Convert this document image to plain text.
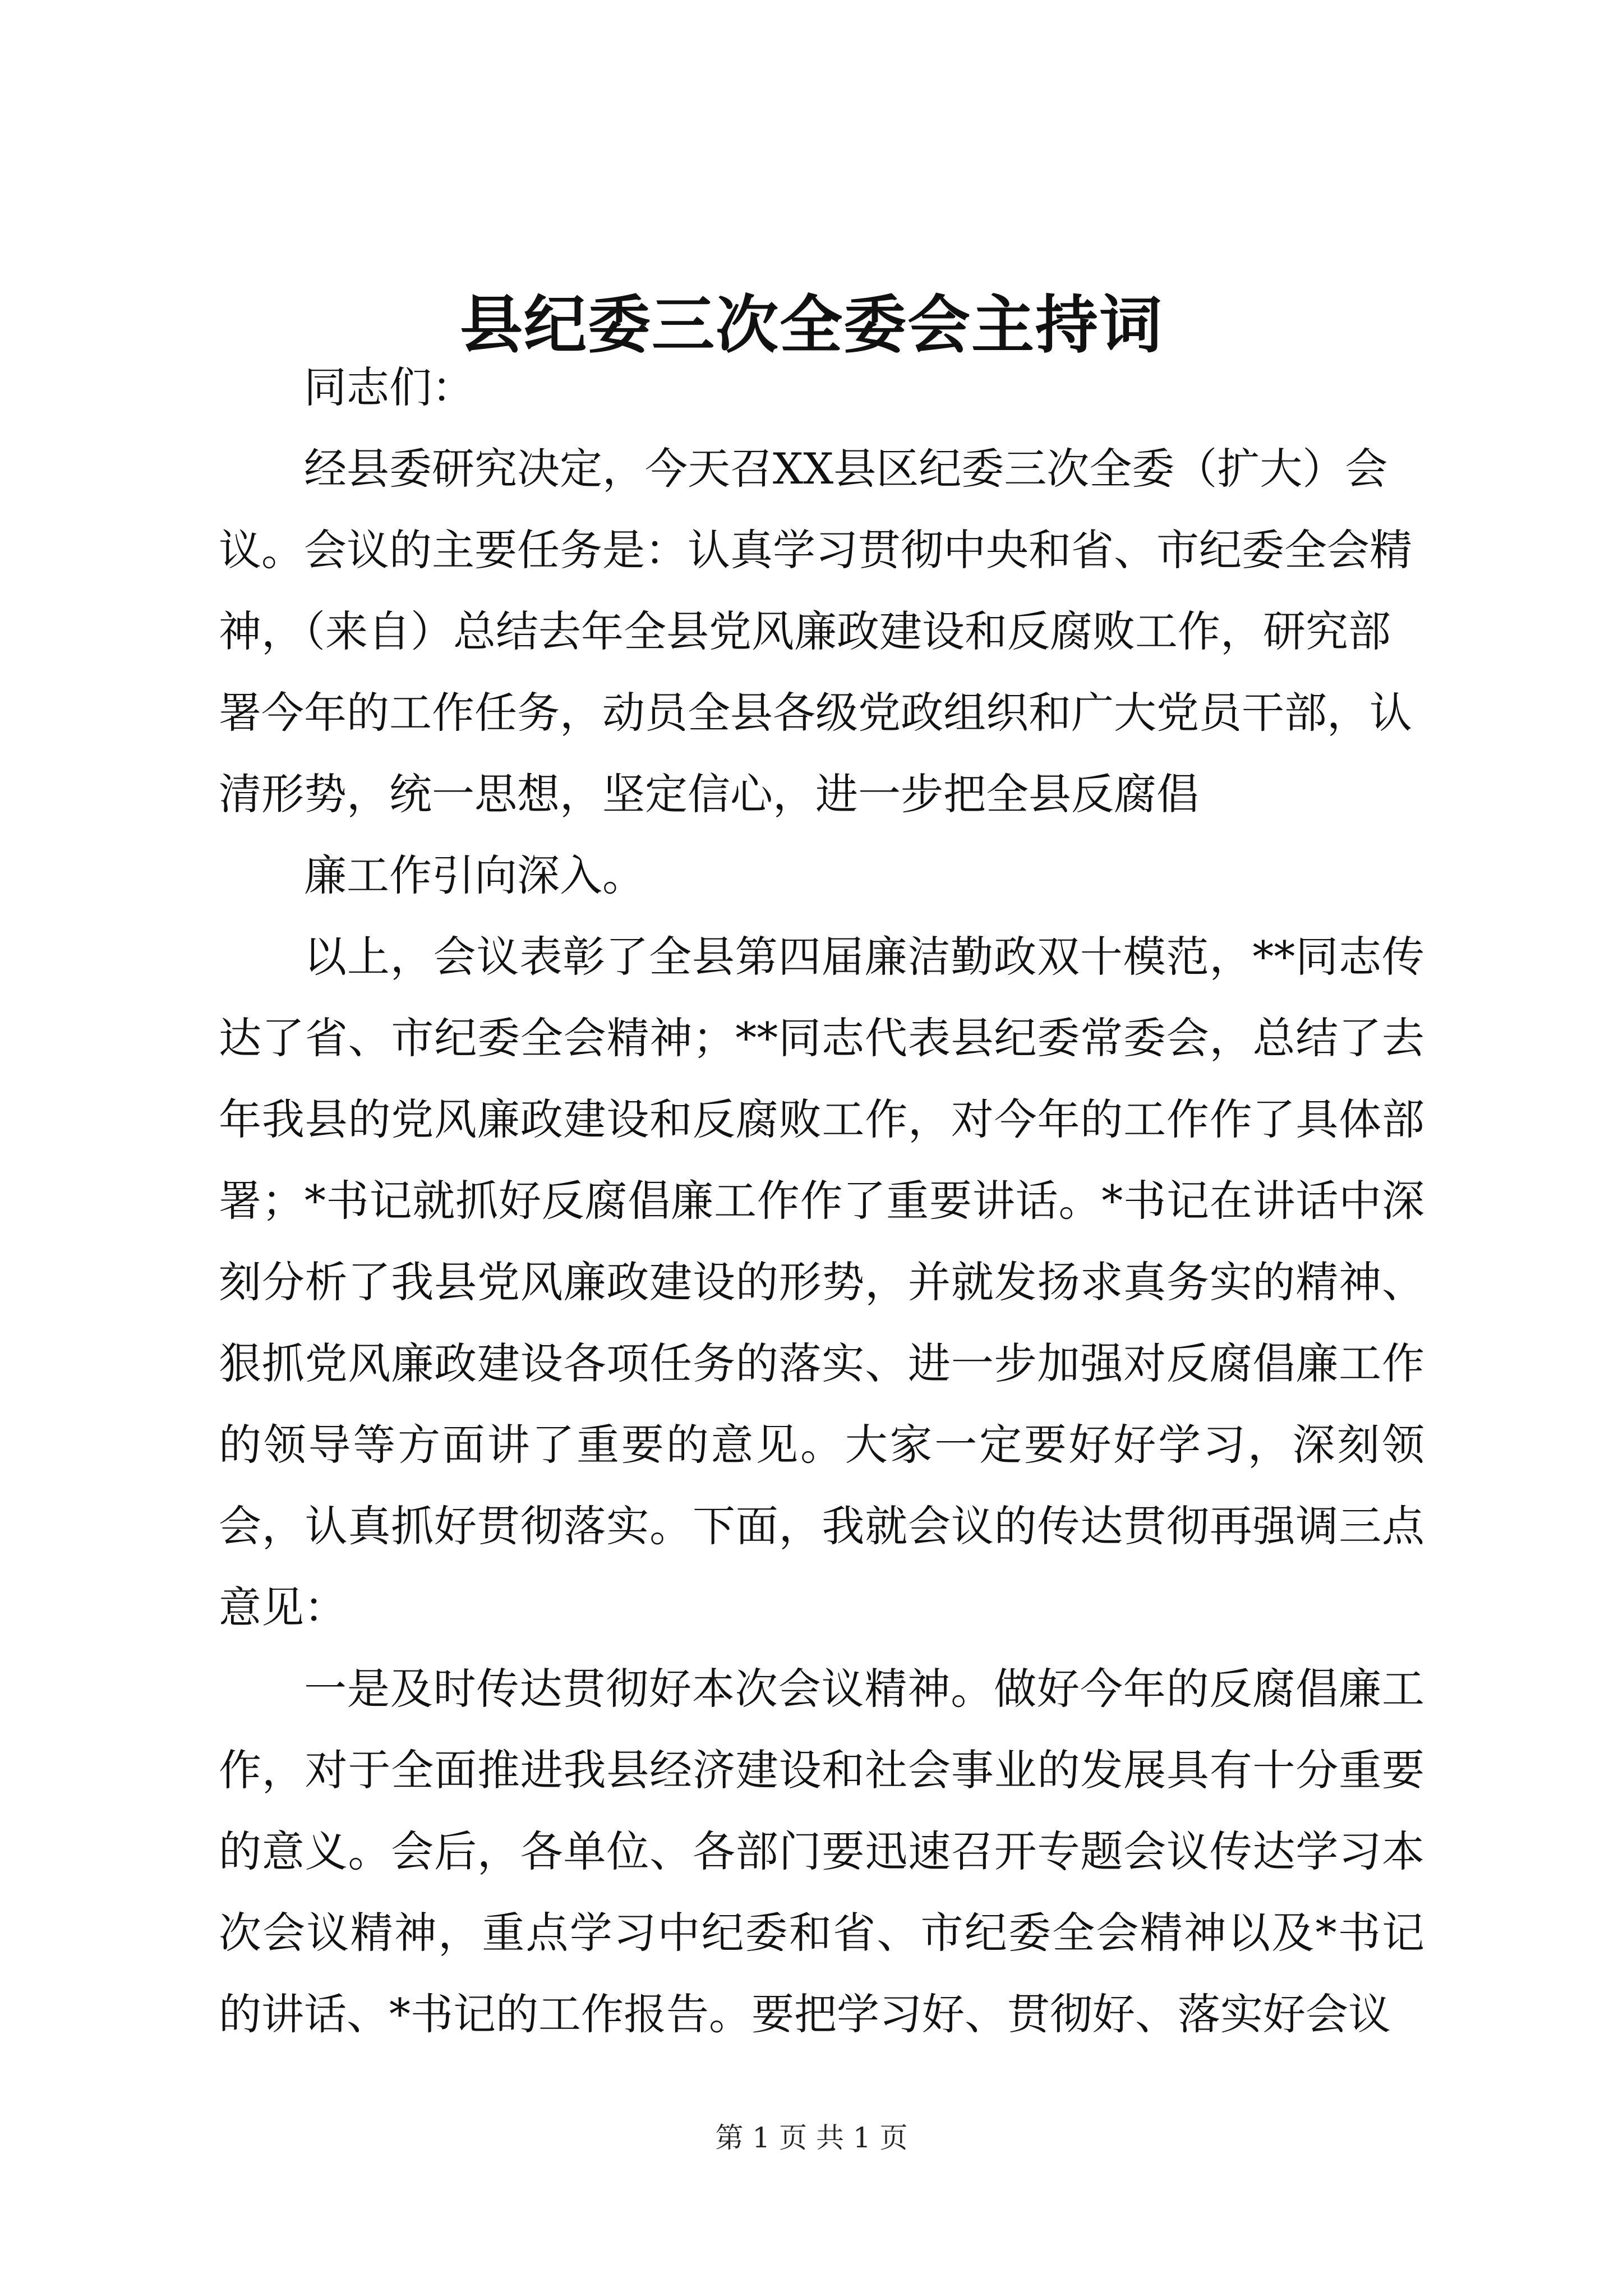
县纪委三次全委会主持词

同志们：

经县委研究决定，今天召XX县区纪委三次全委（扩大）会议。会议的主要任务是：认真学习贯彻中央和省、市纪委全会精神，（来自）总结去年全县党风廉政建设和反腐败工作，研究部署今年的工作任务，动员全县各级党政组织和广大党员干部，认清形势，统一思想，坚定信心，进一步把全县反腐倡

廉工作引向深入。

以上，会议表彰了全县第四届廉洁勤政双十模范，**同志传达了省、市纪委全会精神；**同志代表县纪委常委会，总结了去年我县的党风廉政建设和反腐败工作，对今年的工作作了具体部署；*书记就抓好反腐倡廉工作作了重要讲话。*书记在讲话中深刻分析了我县党风廉政建设的形势，并就发扬求真务实的精神、狠抓党风廉政建设各项任务的落实、进一步加强对反腐倡廉工作的领导等方面讲了重要的意见。大家一定要好好学习，深刻领会，认真抓好贯彻落实。下面，我就会议的传达贯彻再强调三点意见：

一是及时传达贯彻好本次会议精神。做好今年的反腐倡廉工作，对于全面推进我县经济建设和社会事业的发展具有十分重要的意义。会后，各单位、各部门要迅速召开专题会议传达学习本次会议精神，重点学习中纪委和省、市纪委全会精神以及*书记的讲话、*书记的工作报告。要把学习好、贯彻好、落实好会议

第 1 页 共 1 页
